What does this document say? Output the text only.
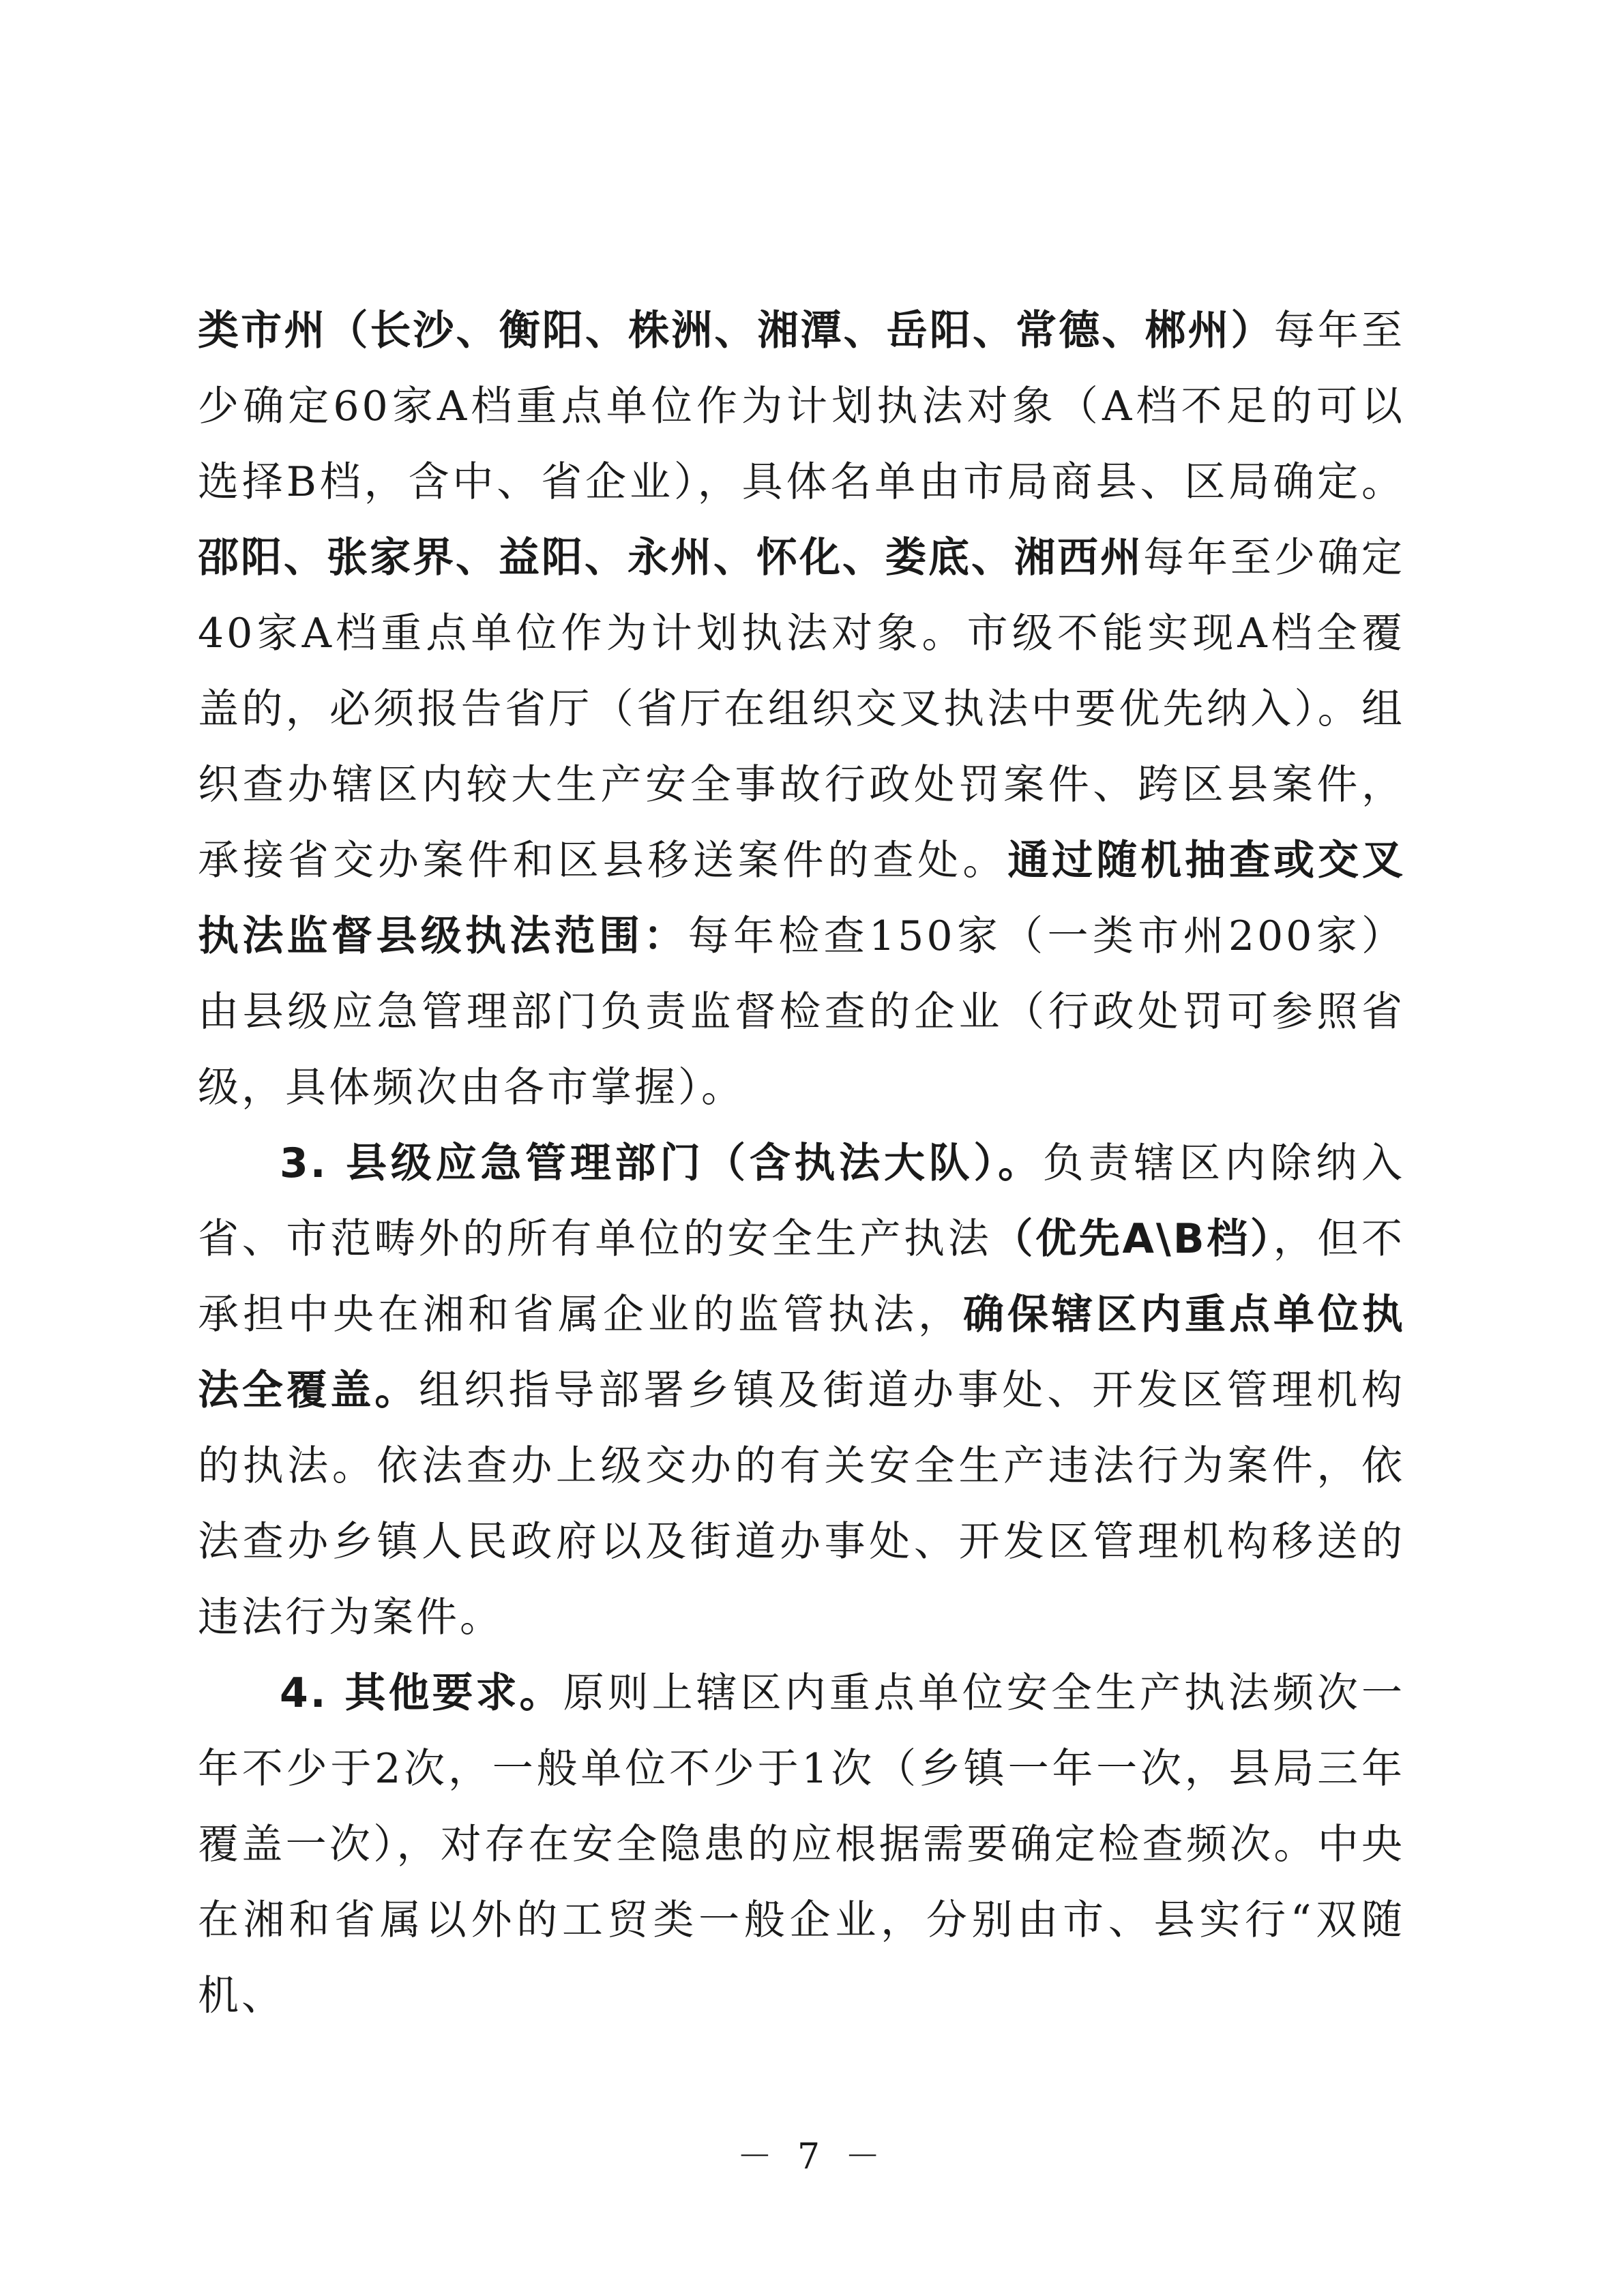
类市州（长沙、衡阳、株洲、湘潭、岳阳、常德、郴州）每年至少确定60家A档重点单位作为计划执法对象（A档不足的可以选择B档，含中、省企业），具体名单由市局商县、区局确定。邵阳、张家界、益阳、永州、怀化、娄底、湘西州每年至少确定40家A档重点单位作为计划执法对象。市级不能实现A档全覆盖的，必须报告省厅（省厅在组织交叉执法中要优先纳入）。组织查办辖区内较大生产安全事故行政处罚案件、跨区县案件，承接省交办案件和区县移送案件的查处。通过随机抽查或交叉执法监督县级执法范围：每年检查150家（一类市州200家）由县级应急管理部门负责监督检查的企业（行政处罚可参照省级，具体频次由各市掌握）。

3. 县级应急管理部门（含执法大队）。负责辖区内除纳入省、市范畴外的所有单位的安全生产执法（优先A\B档），但不承担中央在湘和省属企业的监管执法，确保辖区内重点单位执法全覆盖。组织指导部署乡镇及街道办事处、开发区管理机构的执法。依法查办上级交办的有关安全生产违法行为案件，依法查办乡镇人民政府以及街道办事处、开发区管理机构移送的违法行为案件。

4. 其他要求。原则上辖区内重点单位安全生产执法频次一年不少于2次，一般单位不少于1次（乡镇一年一次，县局三年覆盖一次），对存在安全隐患的应根据需要确定检查频次。中央在湘和省属以外的工贸类一般企业，分别由市、县实行“双随机、

－ 7 －
